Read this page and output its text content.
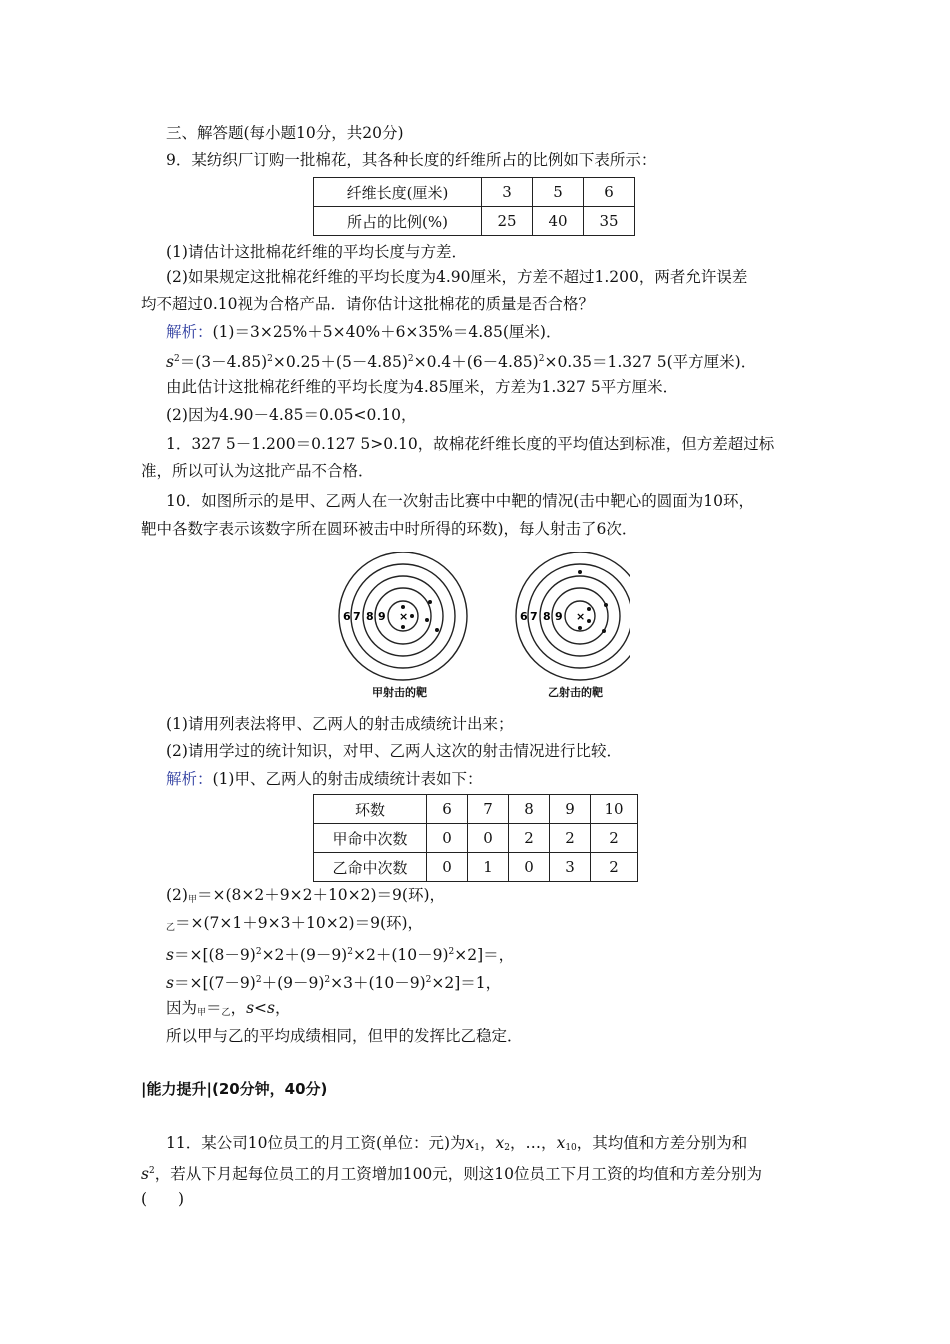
三、解答题(每小题10分，共20分)
9．某纺织厂订购一批棉花，其各种长度的纤维所占的比例如下表所示：
纤维长度(厘米)	3	5	6
所占的比例(%)	25	40	35
(1)请估计这批棉花纤维的平均长度与方差．
(2)如果规定这批棉花纤维的平均长度为4.90厘米，方差不超过1.200，两者允许误差
均不超过0.10视为合格产品．请你估计这批棉花的质量是否合格？
解析：(1)＝3×25%＋5×40%＋6×35%＝4.85(厘米)．
$s^2=(3-4.85)^2\times 0.25+(5-4.85)^2\times 0.4+(6-4.85)^2\times 0.35=1.327$ 5(平方厘米)．
由此估计这批棉花纤维的平均长度为4.85厘米，方差为1.327 5平方厘米．
(2)因为4.90－4.85＝0.05<0.10，
1．327 5－1.200＝0.127 5>0.10，故棉花纤维长度的平均值达到标准，但方差超过标
准，所以可认为这批产品不合格．
10．如图所示的是甲、乙两人在一次射击比赛中中靶的情况(击中靶心的圆面为10环，
靶中各数字表示该数字所在圆环被击中时所得的环数)，每人射击了6次．
6 7 8 9 ×	6 7 8 9 ×
甲射击的靶	乙射击的靶
(1)请用列表法将甲、乙两人的射击成绩统计出来；
(2)请用学过的统计知识，对甲、乙两人这次的射击情况进行比较．
解析：(1)甲、乙两人的射击成绩统计表如下：
环数	6	7	8	9	10
甲命中次数	0	0	2	2	2
乙命中次数	0	1	0	3	2
$(2)_甲=\times(8\times 2+9\times 2+10\times 2)=9$(环)，
$_乙$＝×(7×1＋9×3＋10×2)＝9(环)，
$s=\times[(8-9)^2\times 2+(9-9)^2\times 2+(10-9)^2\times 2]=$，
$s=\times[(7-9)^2+(9-9)^2\times 3+(10-9)^2\times 2]=1$，
因为$_甲=_乙$，s<s，
所以甲与乙的平均成绩相同，但甲的发挥比乙稳定．
|能力提升|(20分钟，40分)
11．某公司10位员工的月工资(单位：元)为$x_1$，$x_2$，…，$x_{10}$，其均值和方差分别为和
$s^2$，若从下月起每位员工的月工资增加100元，则这10位员工下月工资的均值和方差分别为
(　　)
